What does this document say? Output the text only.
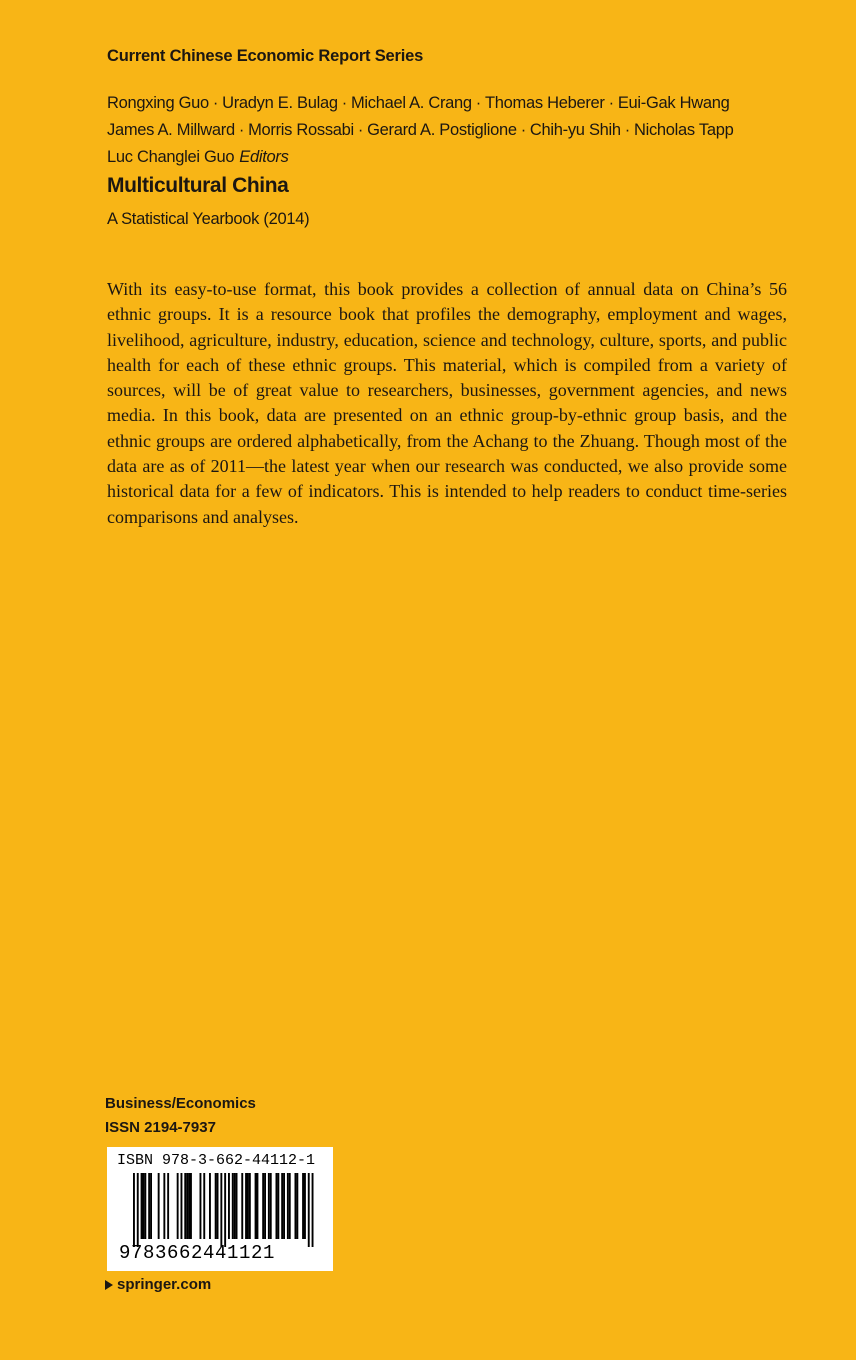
Current Chinese Economic Report Series
Rongxing Guo · Uradyn E. Bulag · Michael A. Crang · Thomas Heberer · Eui-Gak Hwang
James A. Millward · Morris Rossabi · Gerard A. Postiglione · Chih-yu Shih · Nicholas Tapp
Luc Changlei Guo Editors
Multicultural China
A Statistical Yearbook (2014)

With its easy-to-use format, this book provides a collection of annual data on China’s 56 ethnic groups. It is a resource book that profiles the demography, employment and wages, livelihood, agriculture, industry, education, science and technology, culture, sports, and public health for each of these ethnic groups. This material, which is compiled from a variety of sources, will be of great value to researchers, businesses, government agencies, and news media. In this book, data are presented on an ethnic group-by-ethnic group basis, and the ethnic groups are ordered alphabetically, from the Achang to the Zhuang. Though most of the data are as of 2011—the latest year when our research was conducted, we also provide some historical data for a few of indicators. This is intended to help readers to conduct time-series comparisons and analyses.

Business/Economics
ISSN 2194-7937
ISBN 978-3-662-44112-1
9783662441121
springer.com
